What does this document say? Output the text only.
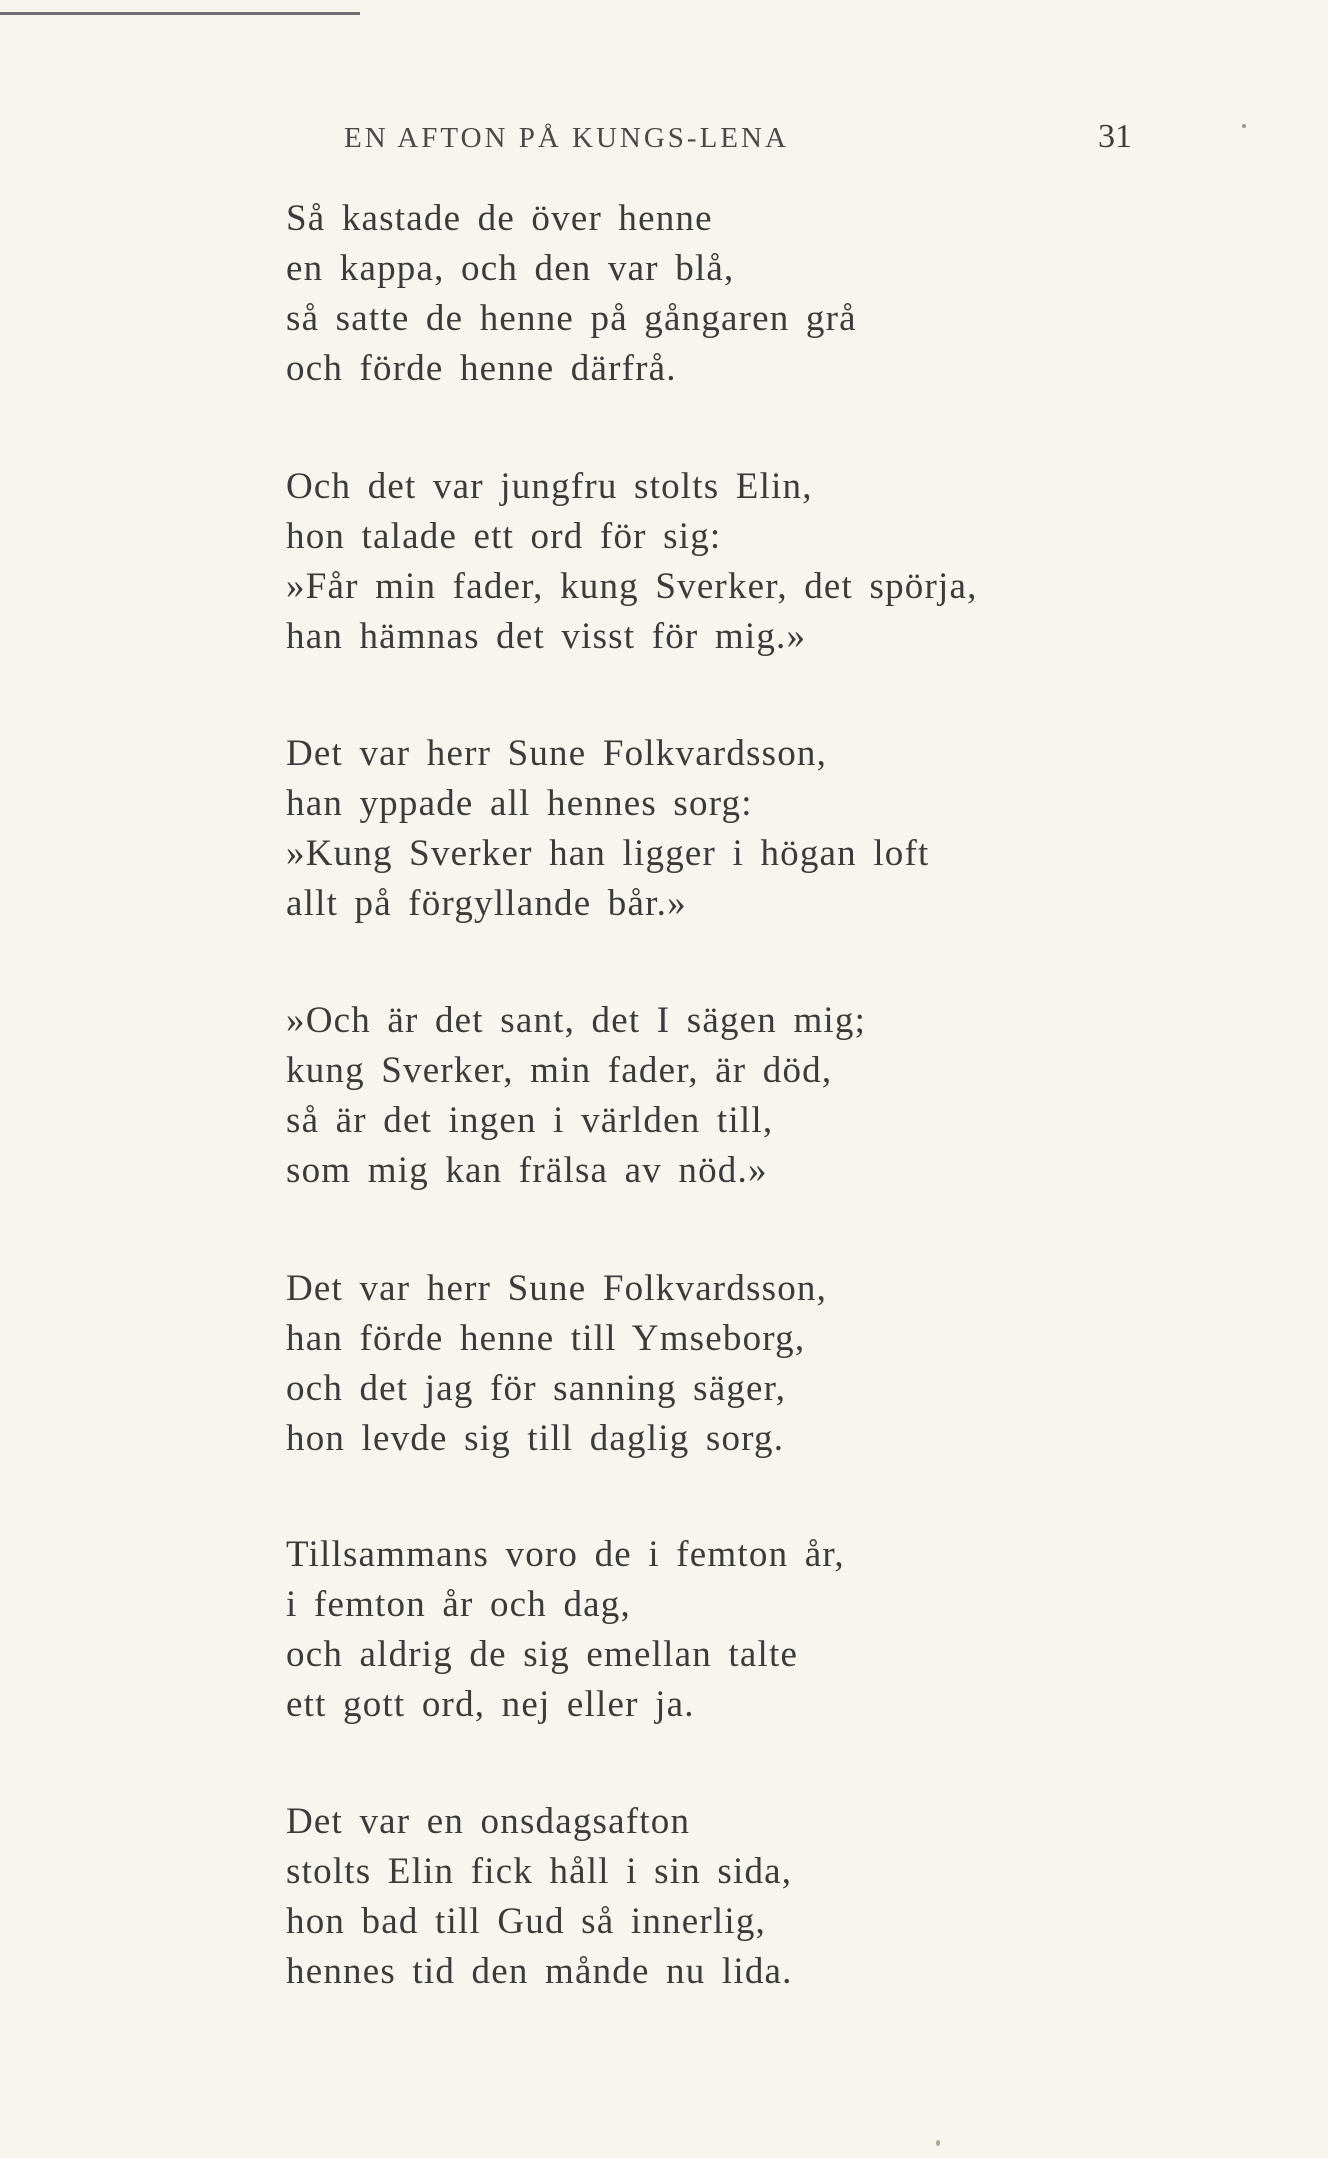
EN AFTON PÅ KUNGS-LENA	31
Så kastade de över henne
en kappa, och den var blå,
så satte de henne på gångaren grå
och förde henne därfrå.
Och det var jungfru stolts Elin,
hon talade ett ord för sig:
»Får min fader, kung Sverker, det spörja,
han hämnas det visst för mig.»
Det var herr Sune Folkvardsson,
han yppade all hennes sorg:
»Kung Sverker han ligger i högan loft
allt på förgyllande bår.»
»Och är det sant, det I sägen mig;
kung Sverker, min fader, är död,
så är det ingen i världen till,
som mig kan frälsa av nöd.»
Det var herr Sune Folkvardsson,
han förde henne till Ymseborg,
och det jag för sanning säger,
hon levde sig till daglig sorg.
Tillsammans voro de i femton år,
i femton år och dag,
och aldrig de sig emellan talte
ett gott ord, nej eller ja.
Det var en onsdagsafton
stolts Elin fick håll i sin sida,
hon bad till Gud så innerlig,
hennes tid den månde nu lida.
